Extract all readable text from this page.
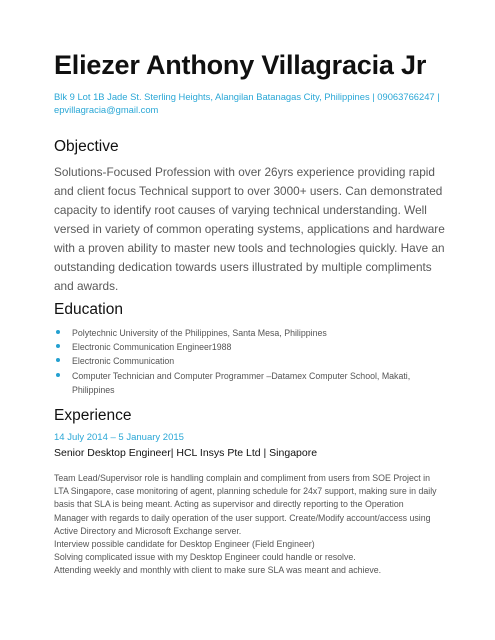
Eliezer Anthony Villagracia Jr
Blk 9 Lot 1B Jade St. Sterling Heights, Alangilan Batanagas City, Philippines | 09063766247 | epvillagracia@gmail.com
Objective
Solutions-Focused Profession with over 26yrs experience providing rapid and client focus Technical support to over 3000+ users. Can demonstrated capacity to identify root causes of varying technical understanding. Well versed in variety of common operating systems, applications and hardware with a proven ability to master new tools and technologies quickly. Have an outstanding dedication towards users illustrated by multiple compliments and awards.
Education
Polytechnic University of the Philippines, Santa Mesa, Philippines
Electronic Communication Engineer1988
Electronic Communication
Computer Technician and Computer Programmer –Datamex Computer School, Makati, Philippines
Experience
14 July 2014 – 5 January 2015
Senior Desktop Engineer| HCL Insys Pte Ltd | Singapore

Team Lead/Supervisor role is handling complain and compliment from users from SOE Project in LTA Singapore, case monitoring of agent, planning schedule for 24x7 support, making sure in daily basis that SLA is being meant. Acting as supervisor and directly reporting to the Operation Manager with regards to daily operation of the user support. Create/Modify account/access using Active Directory and Microsoft Exchange server.

Interview possible candidate for Desktop Engineer (Field Engineer)

Solving complicated issue with my Desktop Engineer could handle or resolve.

Attending weekly and monthly with client to make sure SLA was meant and achieve.
